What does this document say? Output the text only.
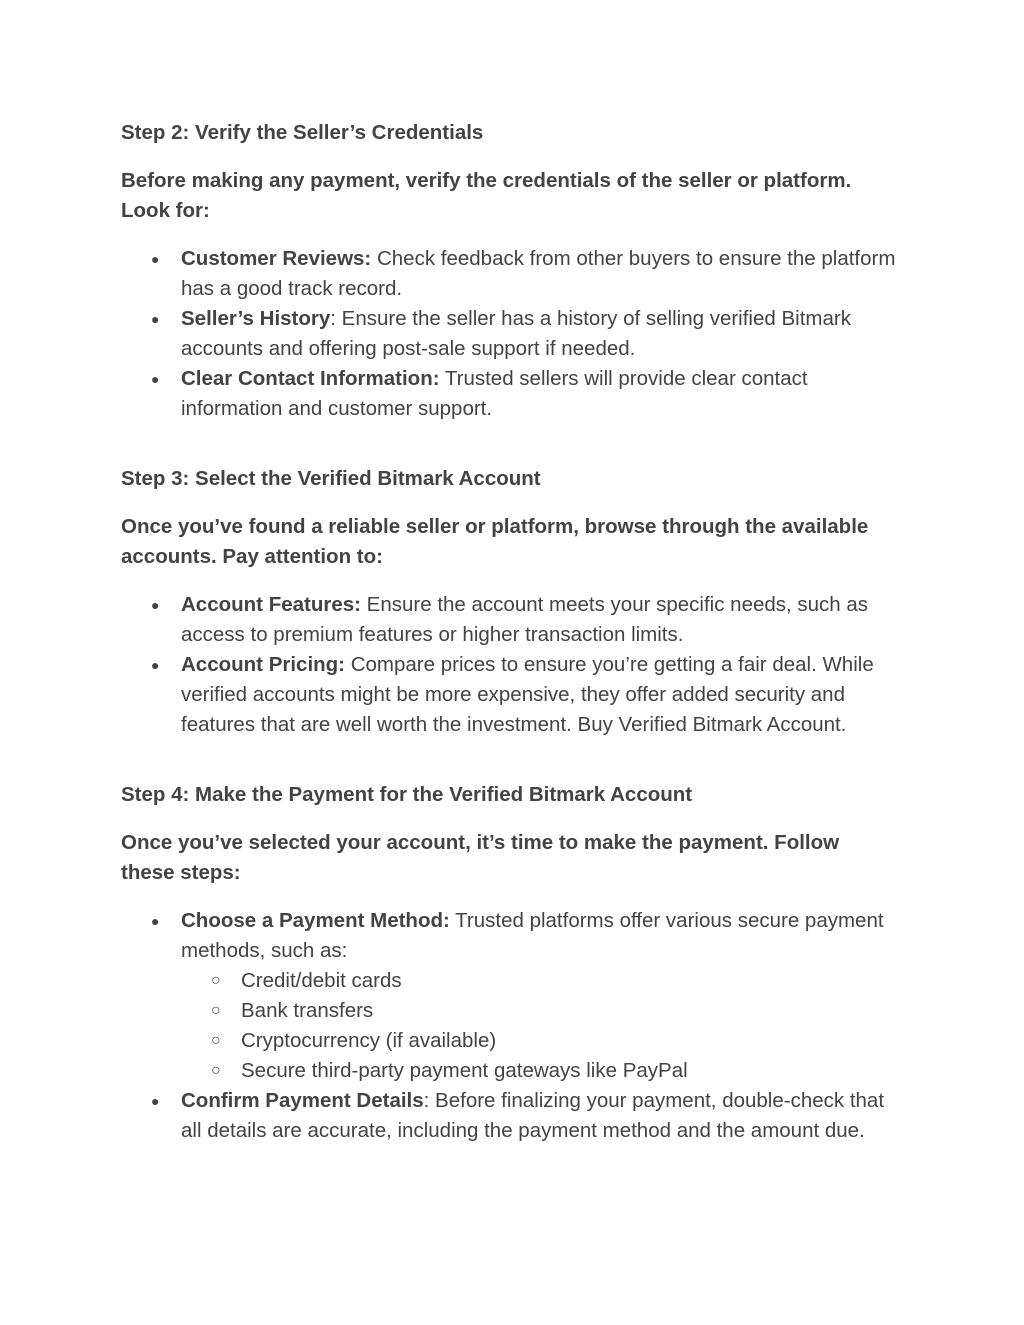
Step 2: Verify the Seller’s Credentials

Before making any payment, verify the credentials of the seller or platform. Look for:

● Customer Reviews: Check feedback from other buyers to ensure the platform has a good track record.
● Seller’s History: Ensure the seller has a history of selling verified Bitmark accounts and offering post-sale support if needed.
● Clear Contact Information: Trusted sellers will provide clear contact information and customer support.

Step 3: Select the Verified Bitmark Account

Once you’ve found a reliable seller or platform, browse through the available accounts. Pay attention to:

● Account Features: Ensure the account meets your specific needs, such as access to premium features or higher transaction limits.
● Account Pricing: Compare prices to ensure you’re getting a fair deal. While verified accounts might be more expensive, they offer added security and features that are well worth the investment. Buy Verified Bitmark Account.

Step 4: Make the Payment for the Verified Bitmark Account

Once you’ve selected your account, it’s time to make the payment. Follow these steps:

● Choose a Payment Method: Trusted platforms offer various secure payment methods, such as:
○ Credit/debit cards
○ Bank transfers
○ Cryptocurrency (if available)
○ Secure third-party payment gateways like PayPal
● Confirm Payment Details: Before finalizing your payment, double-check that all details are accurate, including the payment method and the amount due.
